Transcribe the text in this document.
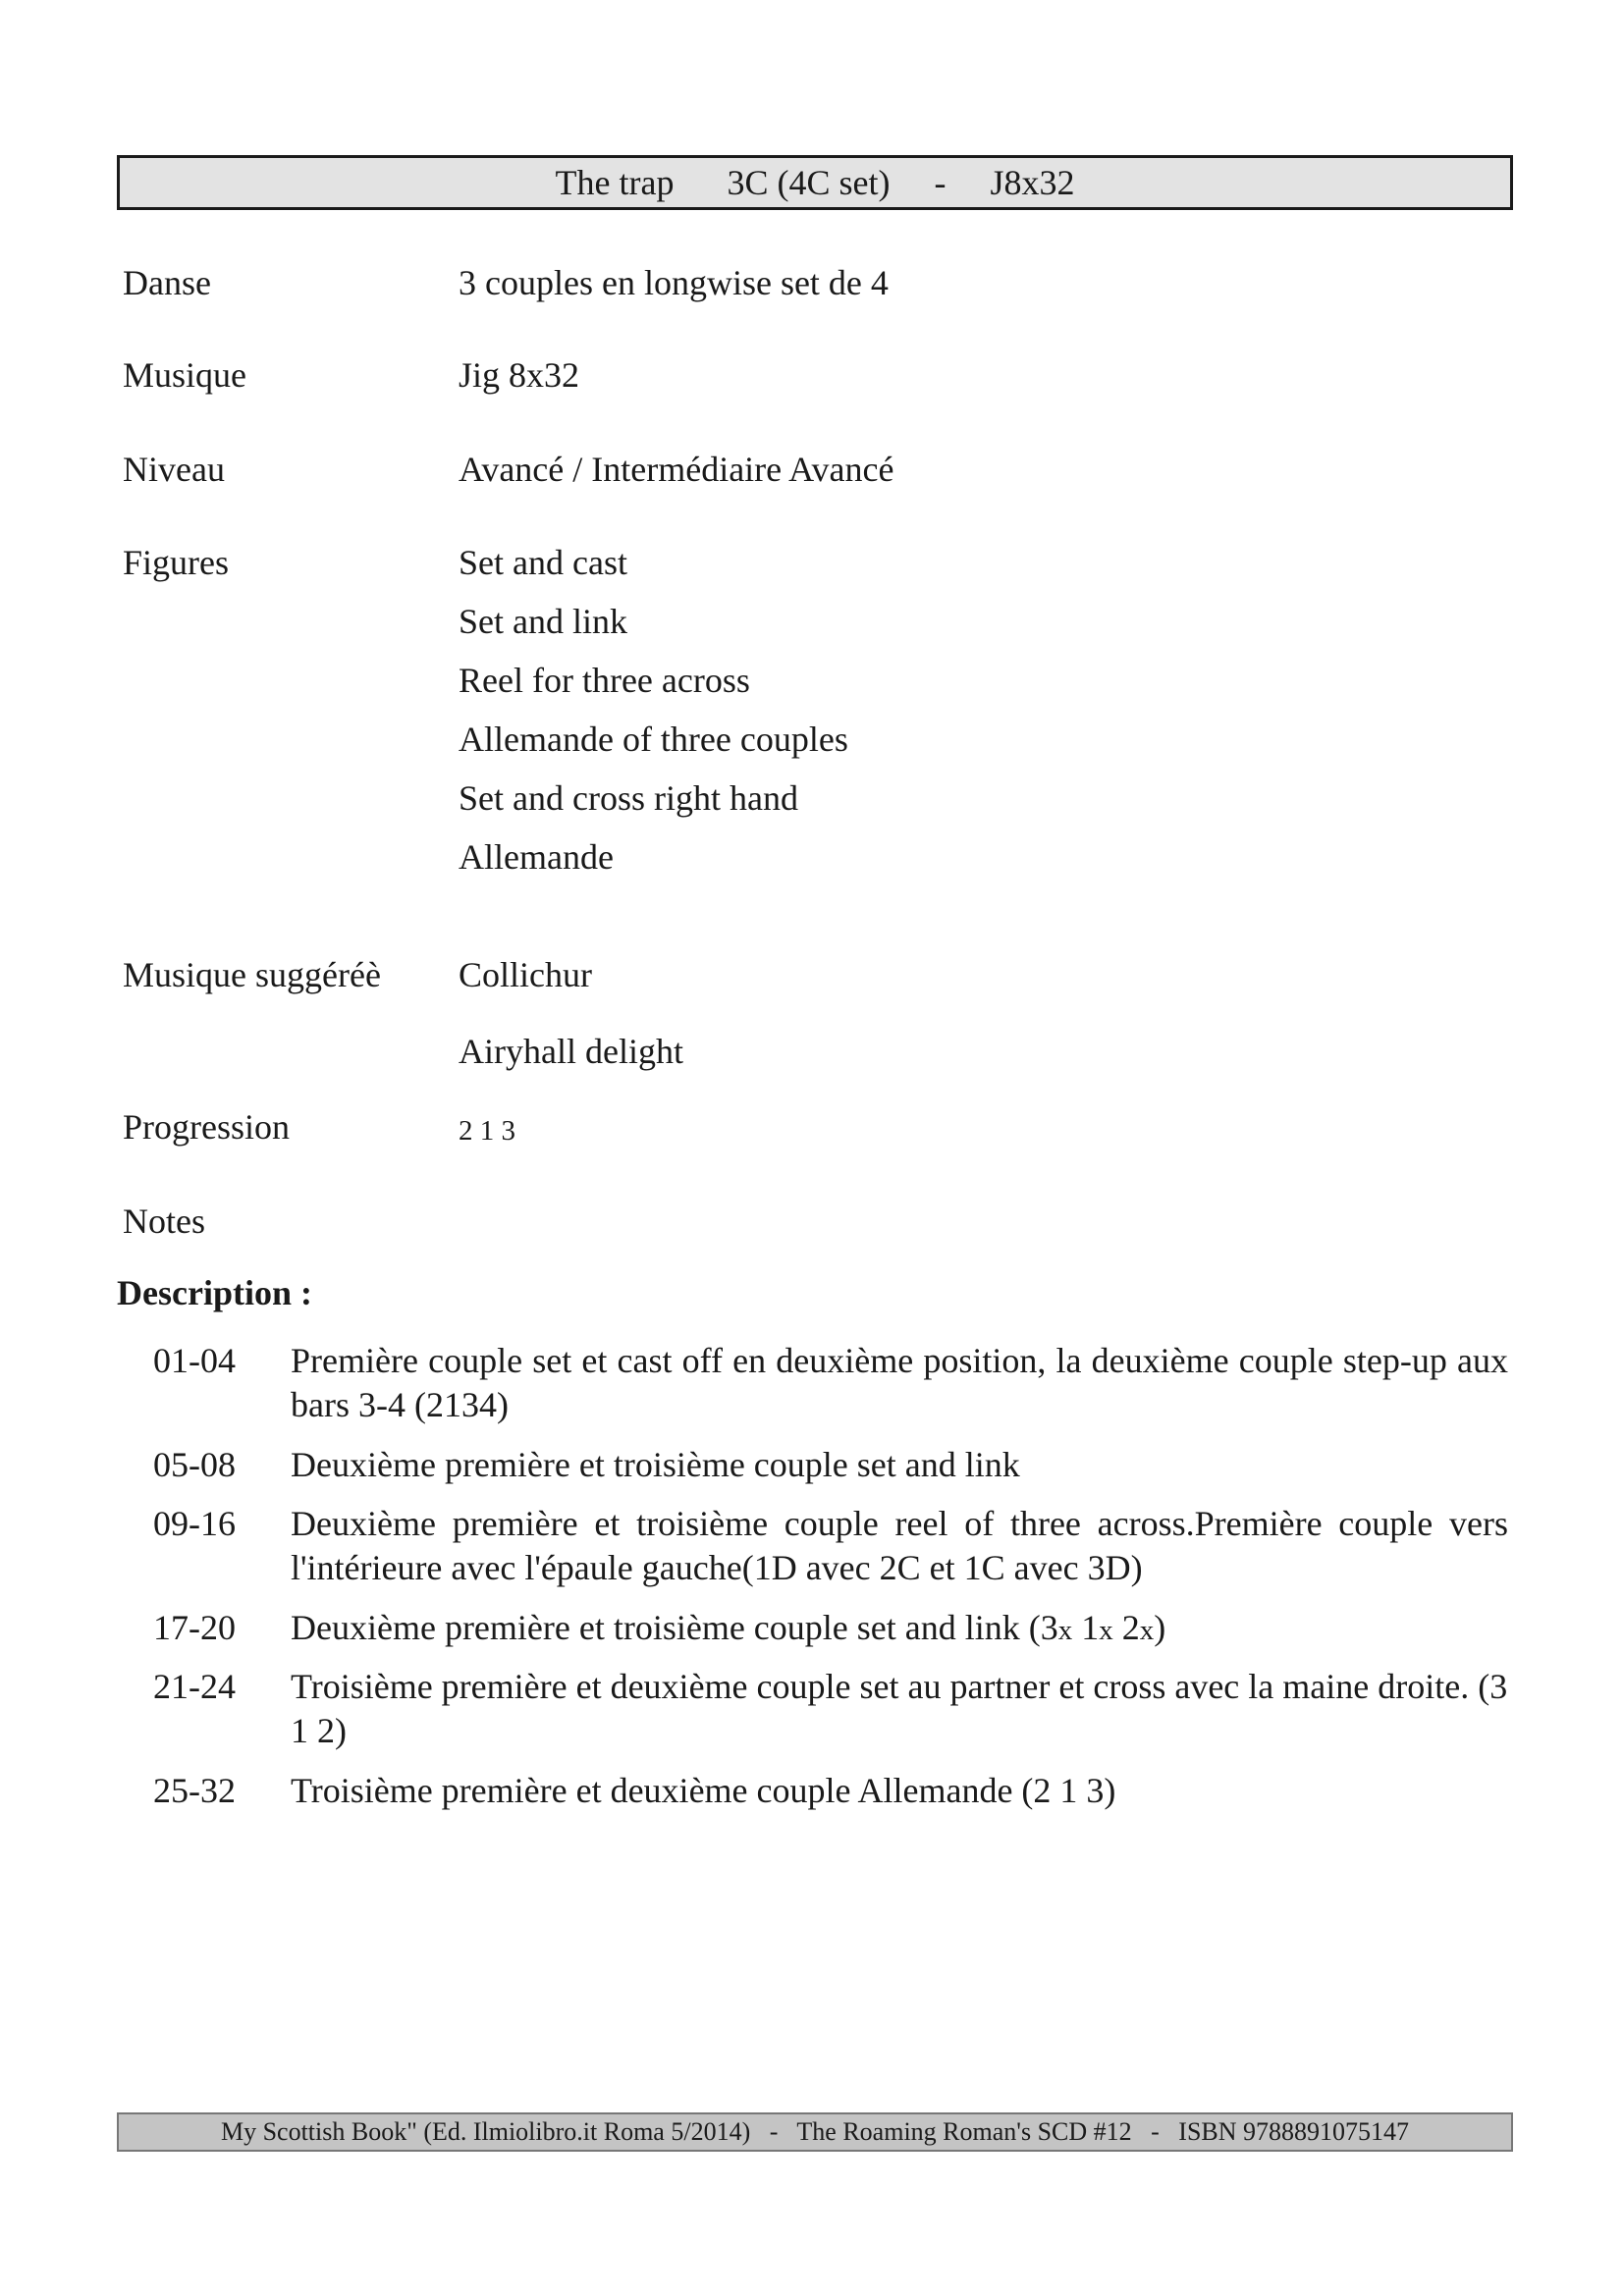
The trap
3C (4C set)
-
J8x32
Danse	3 couples en longwise set de 4
Musique	Jig 8x32
Niveau	Avancé / Intermédiaire Avancé
Figures	Set and cast
Set and link
Reel for three across
Allemande of three couples
Set and cross right hand
Allemande
Musique suggéréè	Collichur
Airyhall delight
Progression	2 1 3
Notes
Description :
01-04	Première couple set et cast off en deuxième position, la deuxième couple step-up aux bars 3-4 (2134)
05-08	Deuxième première et troisième couple set and link
09-16	Deuxième première et troisième couple reel of three across.Première couple vers l'intérieure avec l'épaule gauche(1D avec 2C et 1C avec 3D)
17-20	Deuxième première et troisième couple set and link (3x 1x 2x)
21-24	Troisième première et deuxième couple set au partner et cross avec la maine droite. (3 1 2)
25-32	Troisième première et deuxième couple Allemande (2 1 3)
My Scottish Book" (Ed. Ilmiolibro.it Roma 5/2014)   -   The Roaming Roman's SCD #12   -   ISBN 9788891075147
